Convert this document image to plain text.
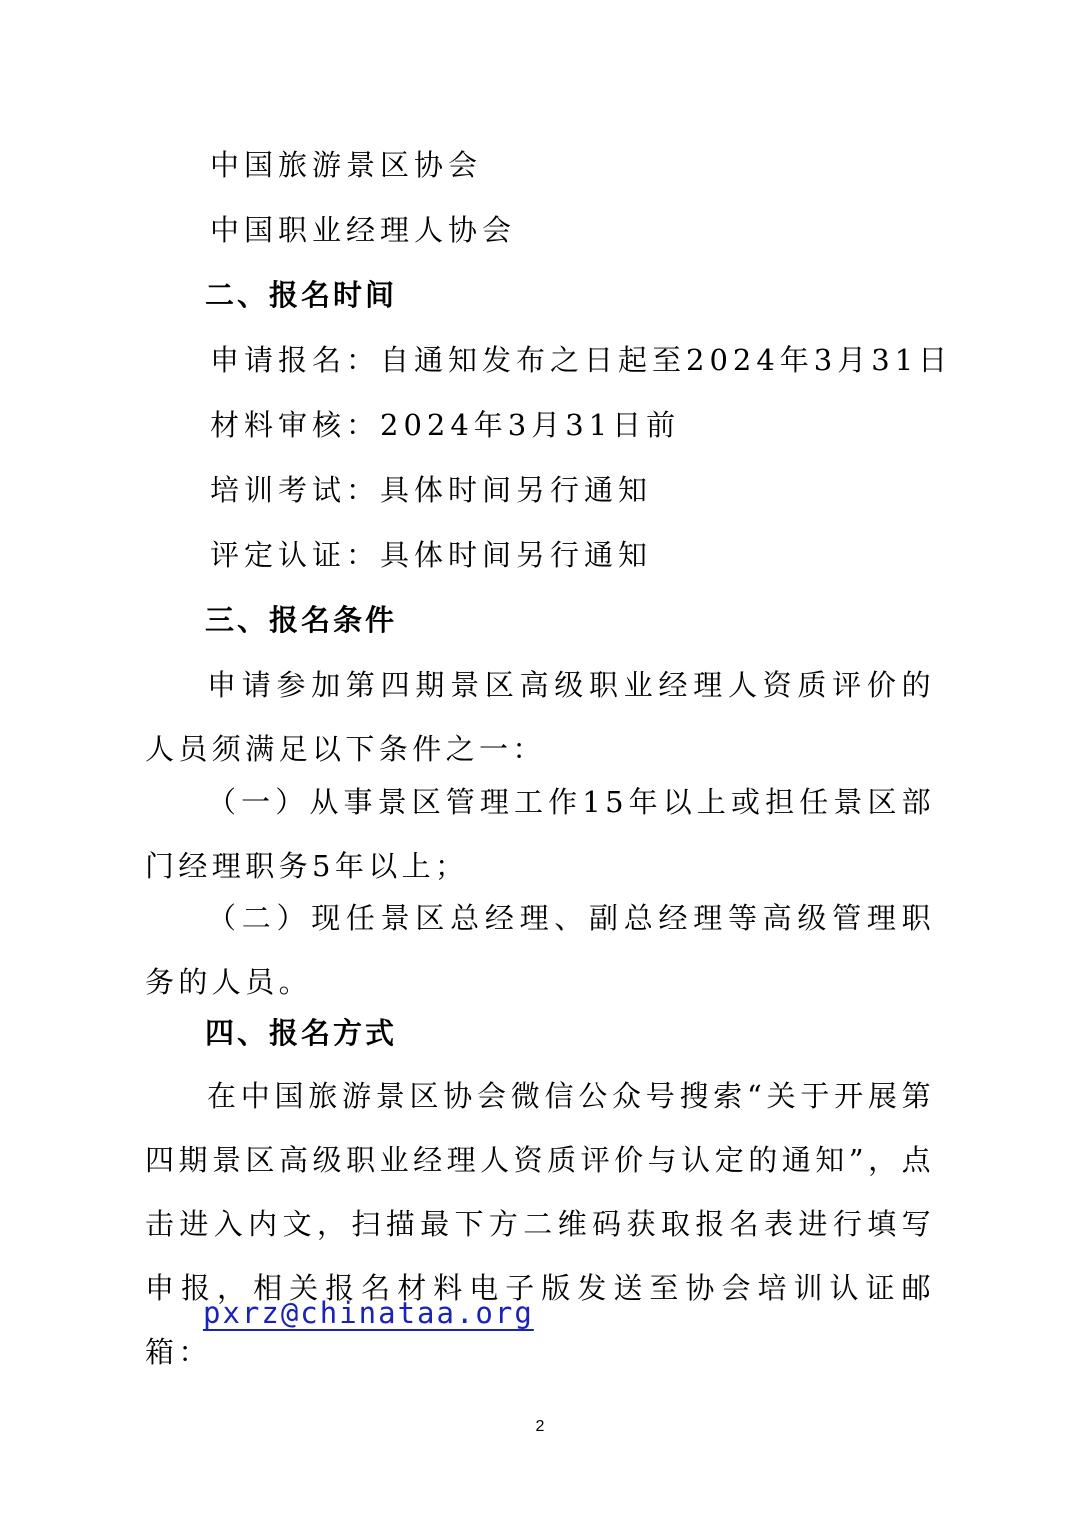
中国旅游景区协会
中国职业经理人协会
二、报名时间
申请报名：自通知发布之日起至2024年3月31日
材料审核：2024年3月31日前
培训考试：具体时间另行通知
评定认证：具体时间另行通知
三、报名条件
申请参加第四期景区高级职业经理人资质评价的人员须满足以下条件之一：
（一）从事景区管理工作15年以上或担任景区部门经理职务5年以上；
（二）现任景区总经理、副总经理等高级管理职务的人员。
四、报名方式
在中国旅游景区协会微信公众号搜索“关于开展第四期景区高级职业经理人资质评价与认定的通知”，点击进入内文，扫描最下方二维码获取报名表进行填写申报，相关报名材料电子版发送至协会培训认证邮箱：
pxrz@chinataa.org
2
